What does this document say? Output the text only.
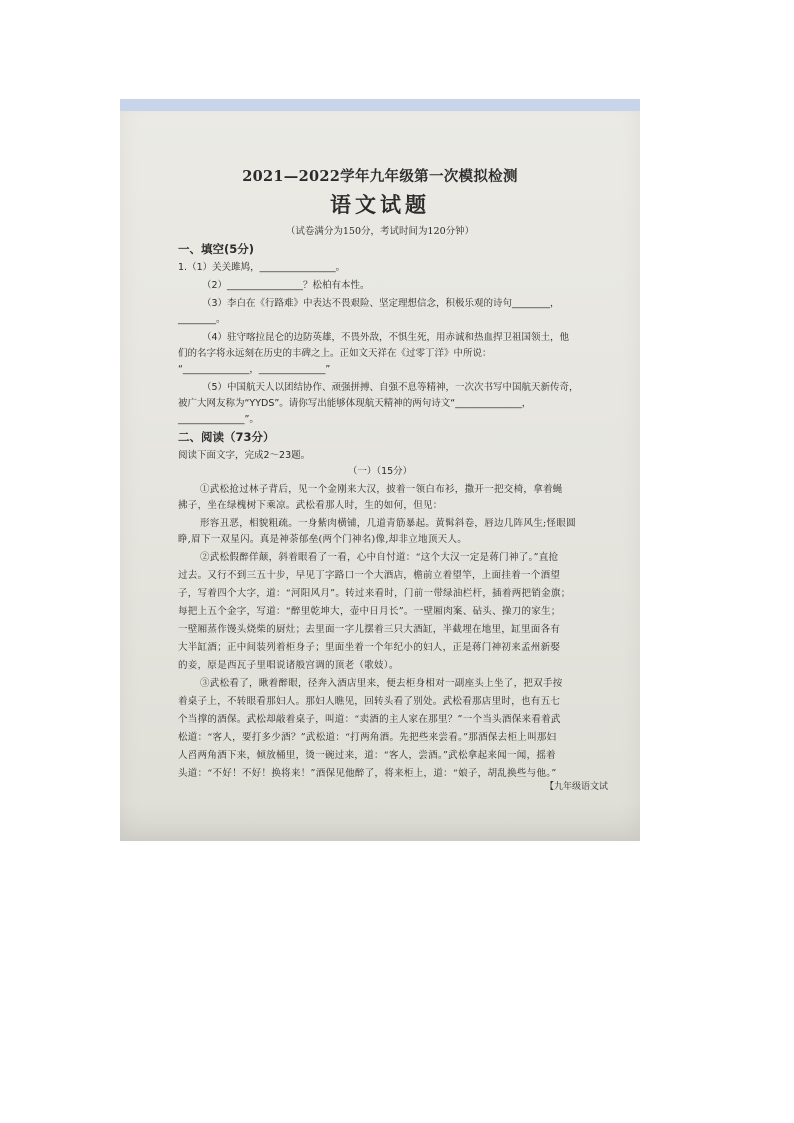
2021—2022学年九年级第一次模拟检测
语文试题
（试卷满分为150分，考试时间为120分钟）
一、填空(5分)
1.（1）关关雎鸠，________________。
（2）________________？松柏有本性。
（3）李白在《行路难》中表达不畏艰险、坚定理想信念，积极乐观的诗句________，
________。
（4）驻守喀拉昆仑的边防英雄，不畏外敌，不惧生死，用赤诚和热血捍卫祖国领土，他
们的名字将永远刻在历史的丰碑之上。正如文天祥在《过零丁洋》中所说：
“______________，______________”
（5）中国航天人以团结协作、顽强拼搏、自强不息等精神，一次次书写中国航天新传奇，
被广大网友称为“YYDS”。请你写出能够体现航天精神的两句诗文“______________，
______________”。
二、阅读（73分）
阅读下面文字，完成2～23题。
（一）（15分）
①武松抢过林子背后，见一个金刚来大汉，披着一领白布衫，撒开一把交椅，拿着蝇
拂子，坐在绿槐树下乘凉。武松看那人时，生的如何，但见：
形容丑恶，相貌粗疏。一身紫肉横铺，几道青筋暴起。黄髯斜卷，唇边几阵风生;怪眼圆
睁,眉下一双星闪。真是神荼郁垒(两个门神名)像,却非立地顶天人。
②武松假醉佯颠，斜着眼看了一看，心中自忖道：“这个大汉一定是蒋门神了。”直抢
过去。又行不到三五十步，早见丁字路口一个大酒店，檐前立着望竿，上面挂着一个酒望
子，写着四个大字，道：“河阳风月”。转过来看时，门前一带绿油栏杆，插着两把销金旗；
每把上五个金字，写道：“醉里乾坤大，壶中日月长”。一壁厢肉案、砧头、操刀的家生；
一壁厢蒸作馒头烧柴的厨灶；去里面一字儿摆着三只大酒缸，半截埋在地里，缸里面各有
大半缸酒；正中间装列着柜身子；里面坐着一个年纪小的妇人，正是蒋门神初来孟州新娶
的妾，原是西瓦子里唱说诸般宫调的顶老（歌妓）。
③武松看了，瞅着醉眼，径奔入酒店里来，便去柜身相对一副座头上坐了，把双手按
着桌子上，不转眼看那妇人。那妇人瞧见，回转头看了别处。武松看那店里时，也有五七
个当撑的酒保。武松却敲着桌子，叫道：“卖酒的主人家在那里？”一个当头酒保来看着武
松道：“客人，要打多少酒？”武松道：“打两角酒。先把些来尝看。”那酒保去柜上叫那妇
人舀两角酒下来，倾放桶里，烫一碗过来，道：“客人，尝酒。”武松拿起来闻一闻，摇着
头道：“不好！不好！换将来！”酒保见他醉了，将来柜上，道：“娘子，胡乱换些与他。”
【九年级语文试
